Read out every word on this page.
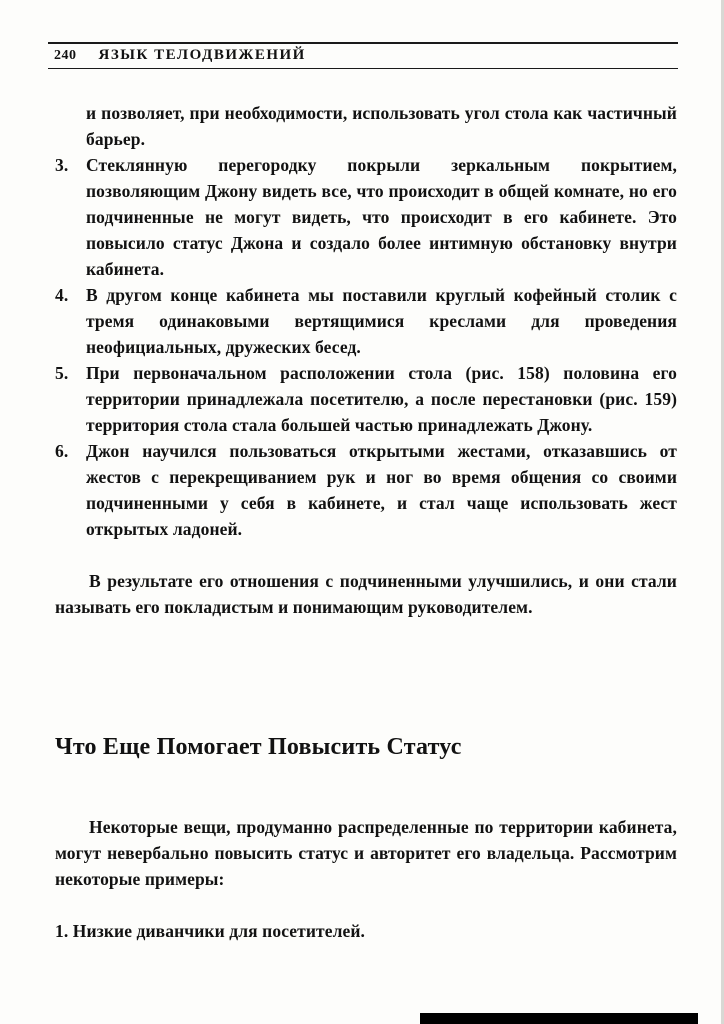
240 ЯЗЫК ТЕЛОДВИЖЕНИЙ
и позволяет, при необходимости, использовать угол стола как частичный барьер.
3. Стеклянную перегородку покрыли зеркальным покрытием, позволяющим Джону видеть все, что происходит в общей комнате, но его подчиненные не могут видеть, что происходит в его кабинете. Это повысило статус Джона и создало более интимную обстановку внутри кабинета.
4. В другом конце кабинета мы поставили круглый кофейный столик с тремя одинаковыми вертящимися креслами для проведения неофициальных, дружеских бесед.
5. При первоначальном расположении стола (рис. 158) половина его территории принадлежала посетителю, а после перестановки (рис. 159) территория стола стала большей частью принадлежать Джону.
6. Джон научился пользоваться открытыми жестами, отказавшись от жестов с перекрещиванием рук и ног во время общения со своими подчиненными у себя в кабинете, и стал чаще использовать жест открытых ладоней.
В результате его отношения с подчиненными улучшились, и они стали называть его покладистым и понимающим руководителем.
Что Еще Помогает Повысить Статус
Некоторые вещи, продуманно распределенные по территории кабинета, могут невербально повысить статус и авторитет его владельца. Рассмотрим некоторые примеры:
1. Низкие диванчики для посетителей.
